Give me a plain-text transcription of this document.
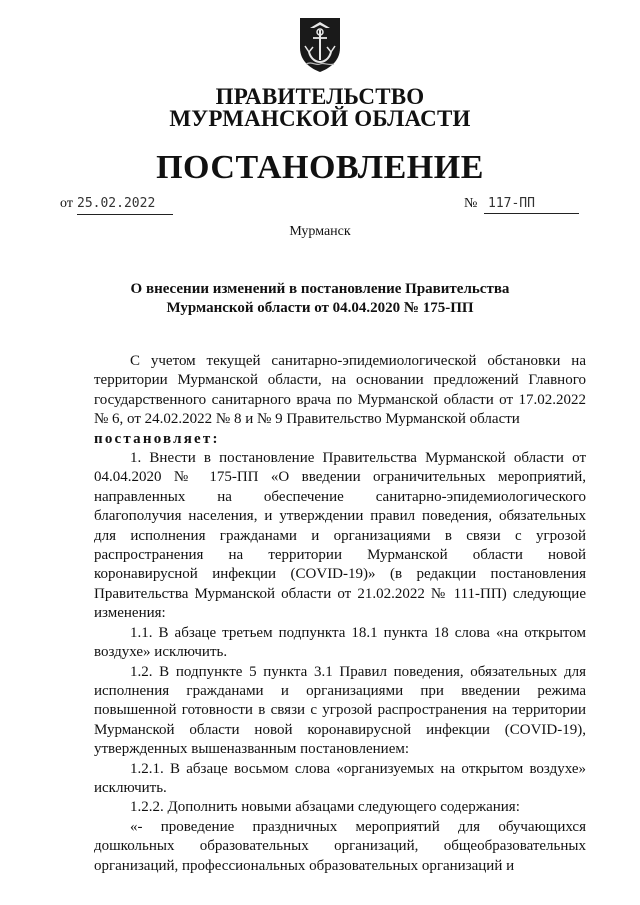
ПРАВИТЕЛЬСТВО
МУРМАНСКОЙ ОБЛАСТИ
ПОСТАНОВЛЕНИЕ
от 25.02.2022	№ 117-ПП
Мурманск
О внесении изменений в постановление Правительства
Мурманской области от 04.04.2020 № 175-ПП

С учетом текущей санитарно-эпидемиологической обстановки на территории Мурманской области, на основании предложений Главного государственного санитарного врача по Мурманской области от 17.02.2022 № 6, от 24.02.2022 № 8 и № 9 Правительство Мурманской области

постановляет:

1. Внести в постановление Правительства Мурманской области от 04.04.2020 № 175-ПП «О введении ограничительных мероприятий, направленных на обеспечение санитарно-эпидемиологического благополучия населения, и утверждении правил поведения, обязательных для исполнения гражданами и организациями в связи с угрозой распространения на территории Мурманской области новой коронавирусной инфекции (COVID-19)» (в редакции постановления Правительства Мурманской области от 21.02.2022 № 111-ПП) следующие изменения:

1.1. В абзаце третьем подпункта 18.1 пункта 18 слова «на открытом воздухе» исключить.

1.2. В подпункте 5 пункта 3.1 Правил поведения, обязательных для исполнения гражданами и организациями при введении режима повышенной готовности в связи с угрозой распространения на территории Мурманской области новой коронавирусной инфекции (COVID-19), утвержденных вышеназванным постановлением:

1.2.1. В абзаце восьмом слова «организуемых на открытом воздухе» исключить.

1.2.2. Дополнить новыми абзацами следующего содержания:

«- проведение праздничных мероприятий для обучающихся дошкольных образовательных организаций, общеобразовательных организаций, профессиональных образовательных организаций и
